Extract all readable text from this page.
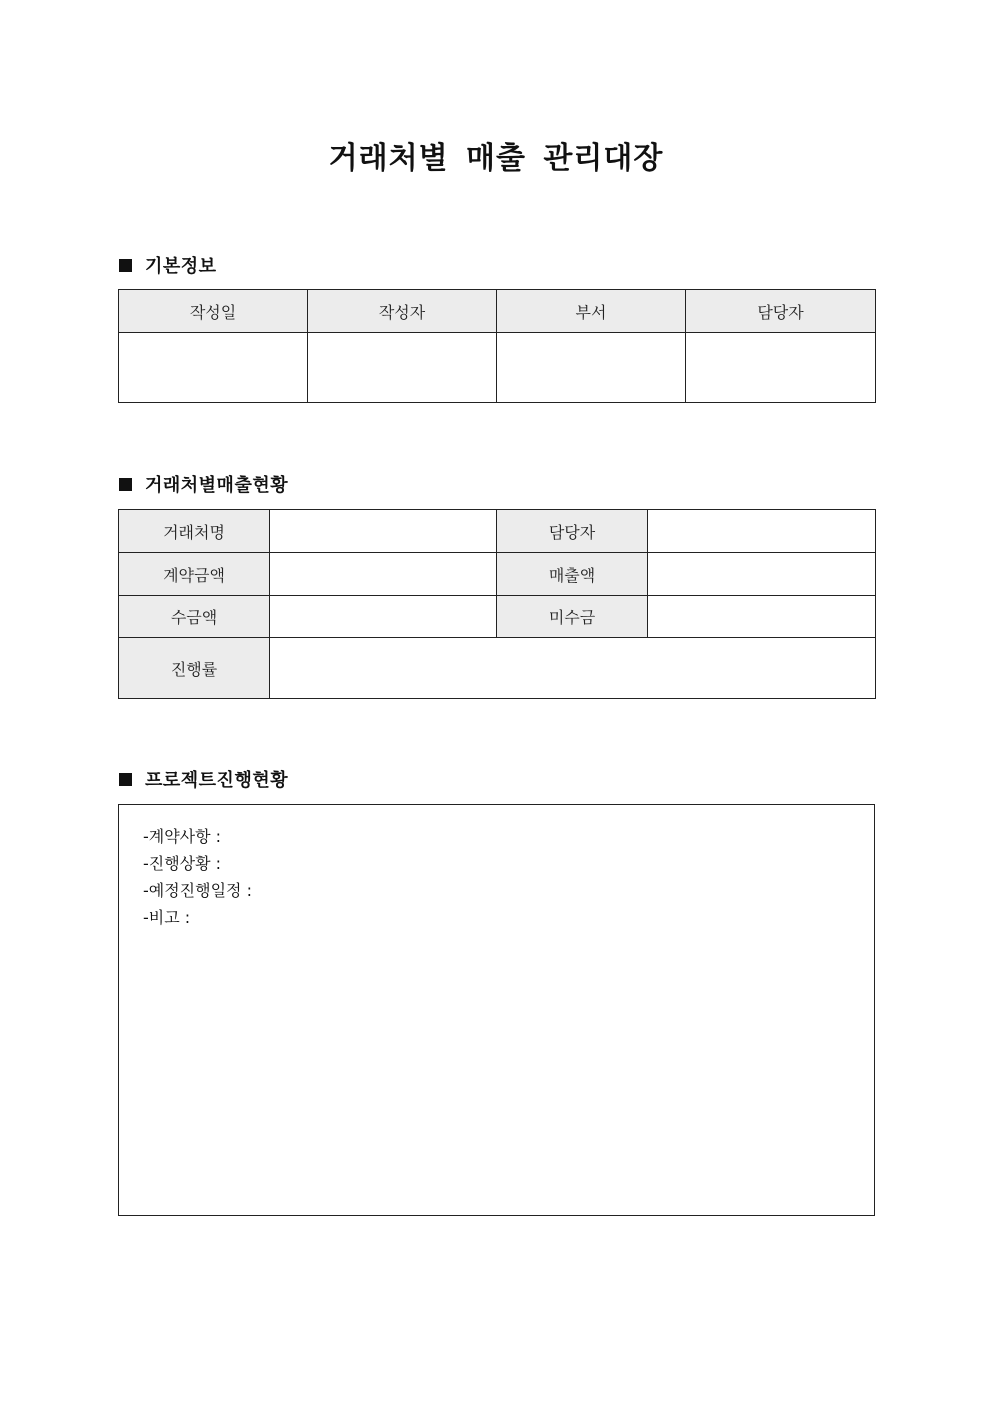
거래처별 매출 관리대장
기본정보
작성일	작성자	부서	담당자

거래처별매출현황
거래처명		담당자	
계약금액		매출액	
수금액		미수금	
진행률			
프로젝트진행현황
-계약사항 :
-진행상황 :
-예정진행일정 :
-비고 :
